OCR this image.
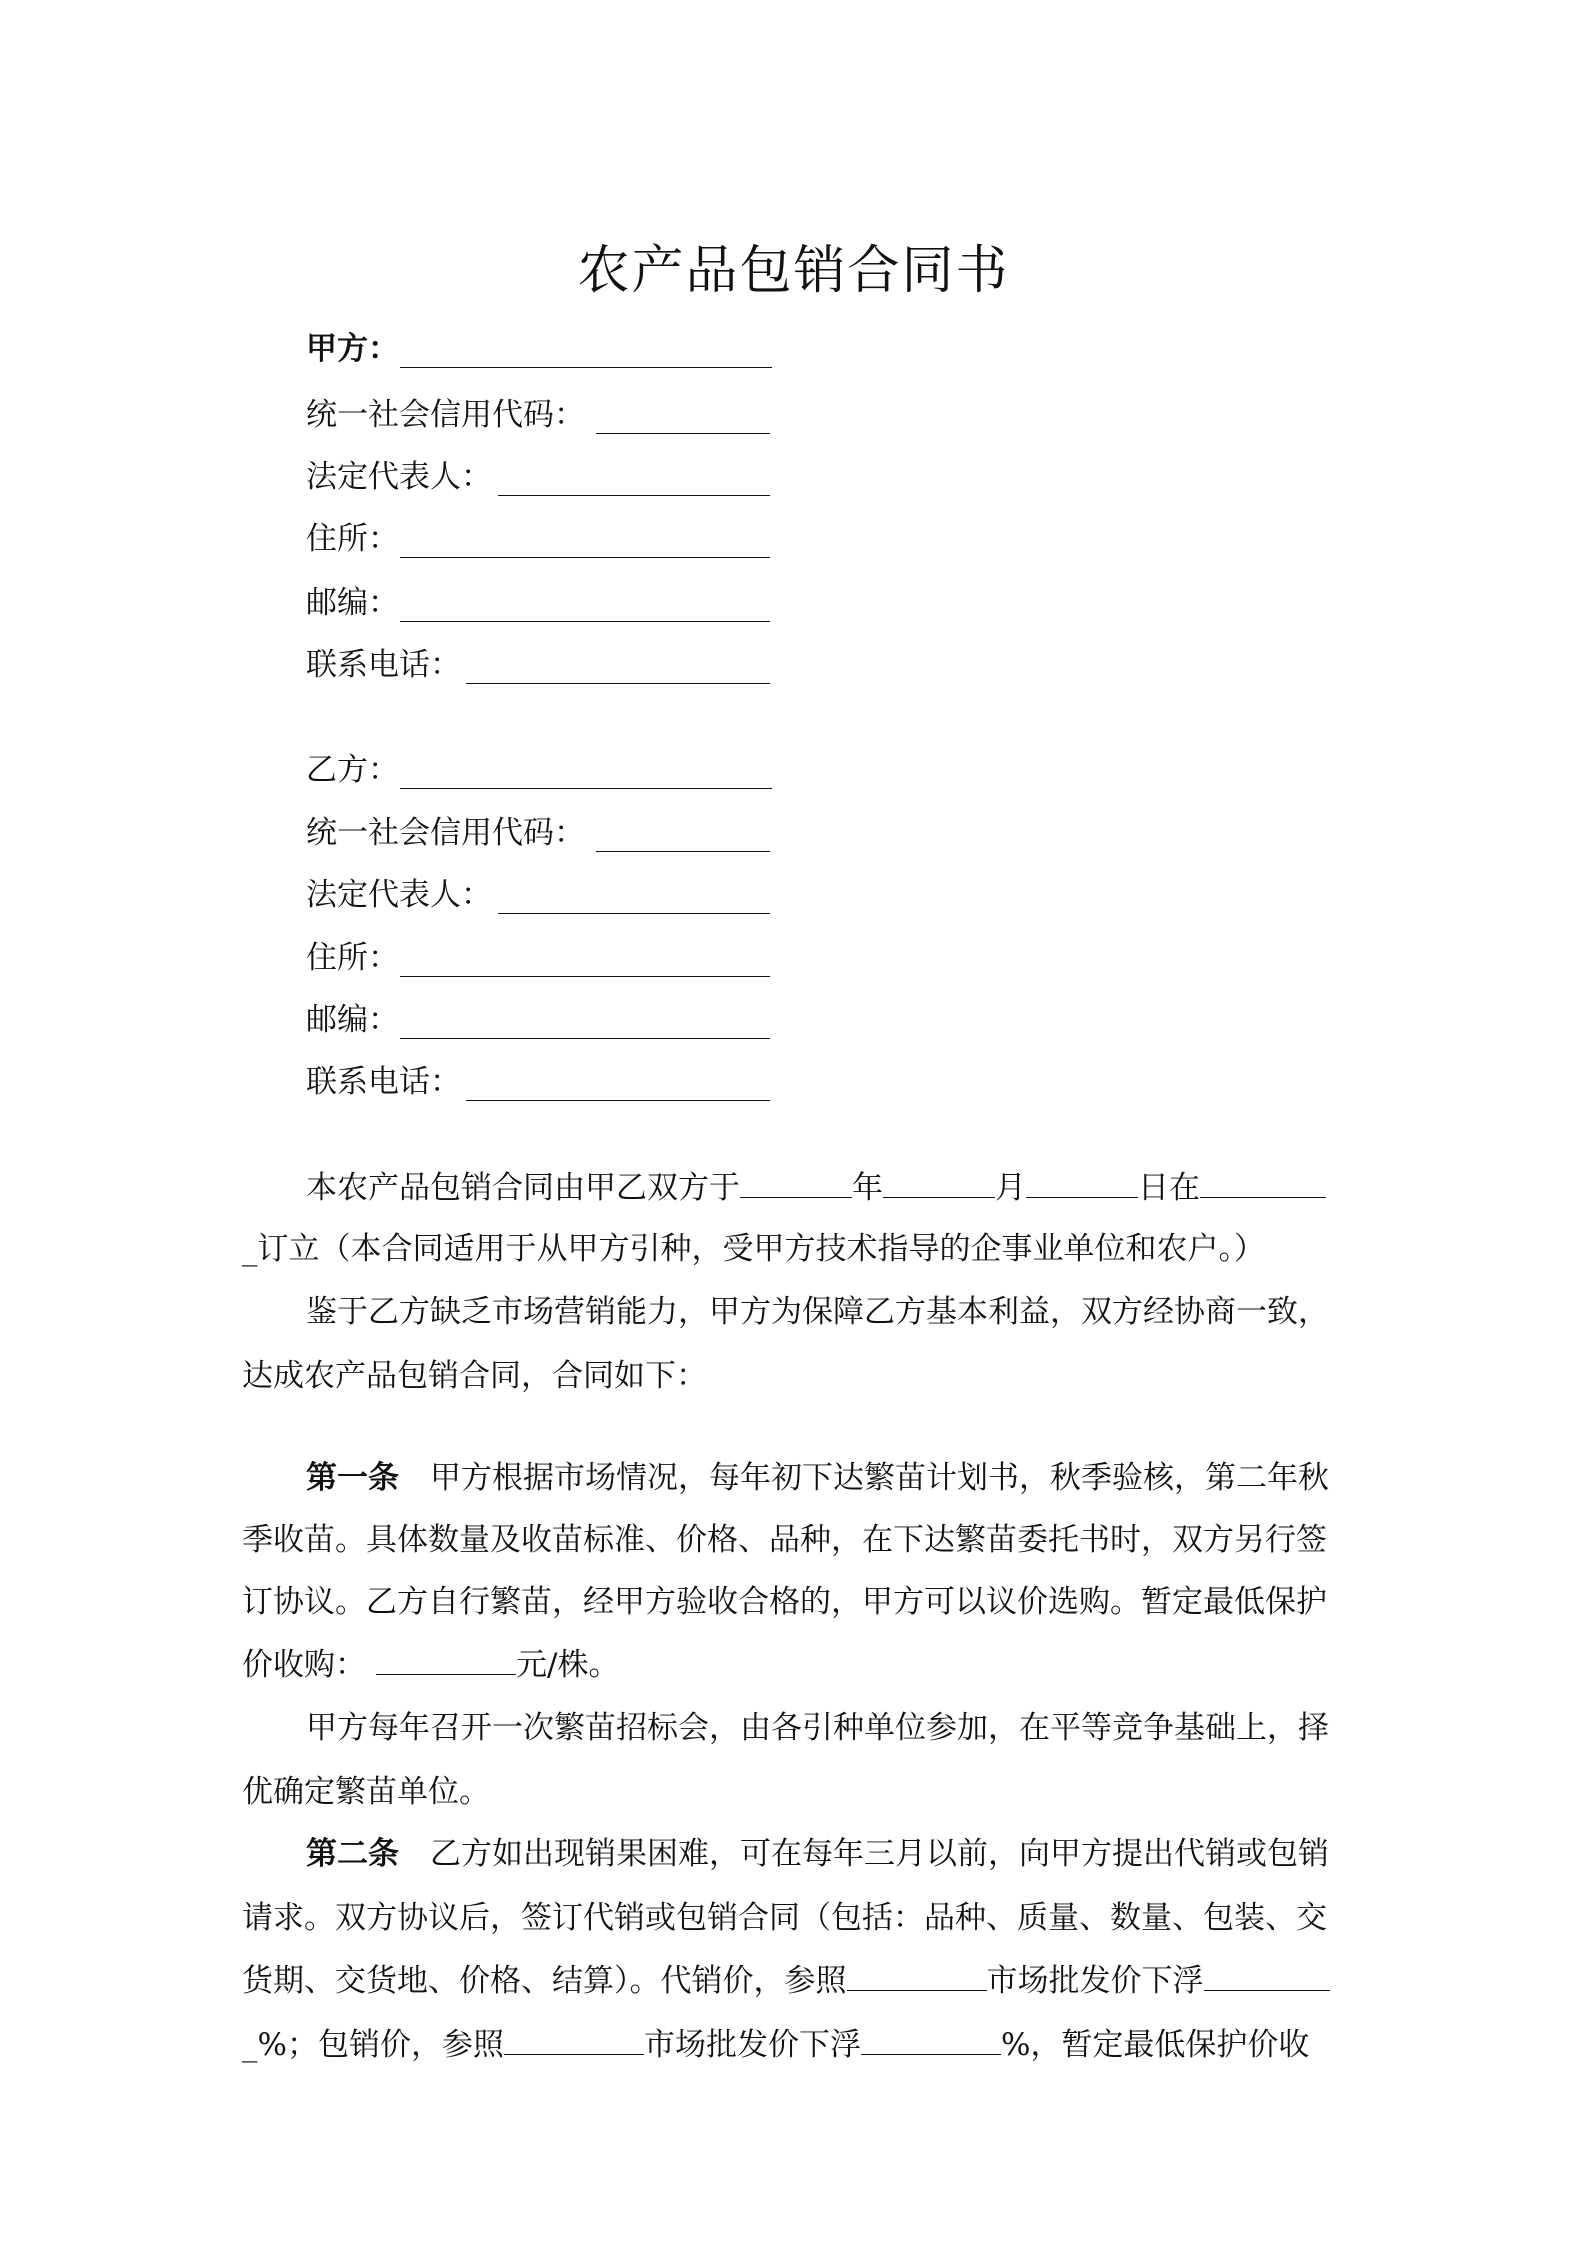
农产品包销合同书
甲方：
统一社会信用代码：
法定代表人：
住所：
邮编：
联系电话：
乙方：
统一社会信用代码：
法定代表人：
住所：
邮编：
联系电话：
本农产品包销合同由甲乙双方于	年	月	日在
_订立（本合同适用于从甲方引种，受甲方技术指导的企事业单位和农户。）
鉴于乙方缺乏市场营销能力，甲方为保障乙方基本利益，双方经协商一致，
达成农产品包销合同，合同如下：
第一条 甲方根据市场情况，每年初下达繁苗计划书，秋季验核，第二年秋
季收苗。具体数量及收苗标准、价格、品种，在下达繁苗委托书时，双方另行签
订协议。乙方自行繁苗，经甲方验收合格的，甲方可以议价选购。暂定最低保护
价收购：	元/株。
甲方每年召开一次繁苗招标会，由各引种单位参加，在平等竞争基础上，择
优确定繁苗单位。
第二条 乙方如出现销果困难，可在每年三月以前，向甲方提出代销或包销
请求。双方协议后，签订代销或包销合同（包括：品种、质量、数量、包装、交
货期、交货地、价格、结算）。代销价，参照	市场批发价下浮
_%；包销价，参照	市场批发价下浮	%，暂定最低保护价收
